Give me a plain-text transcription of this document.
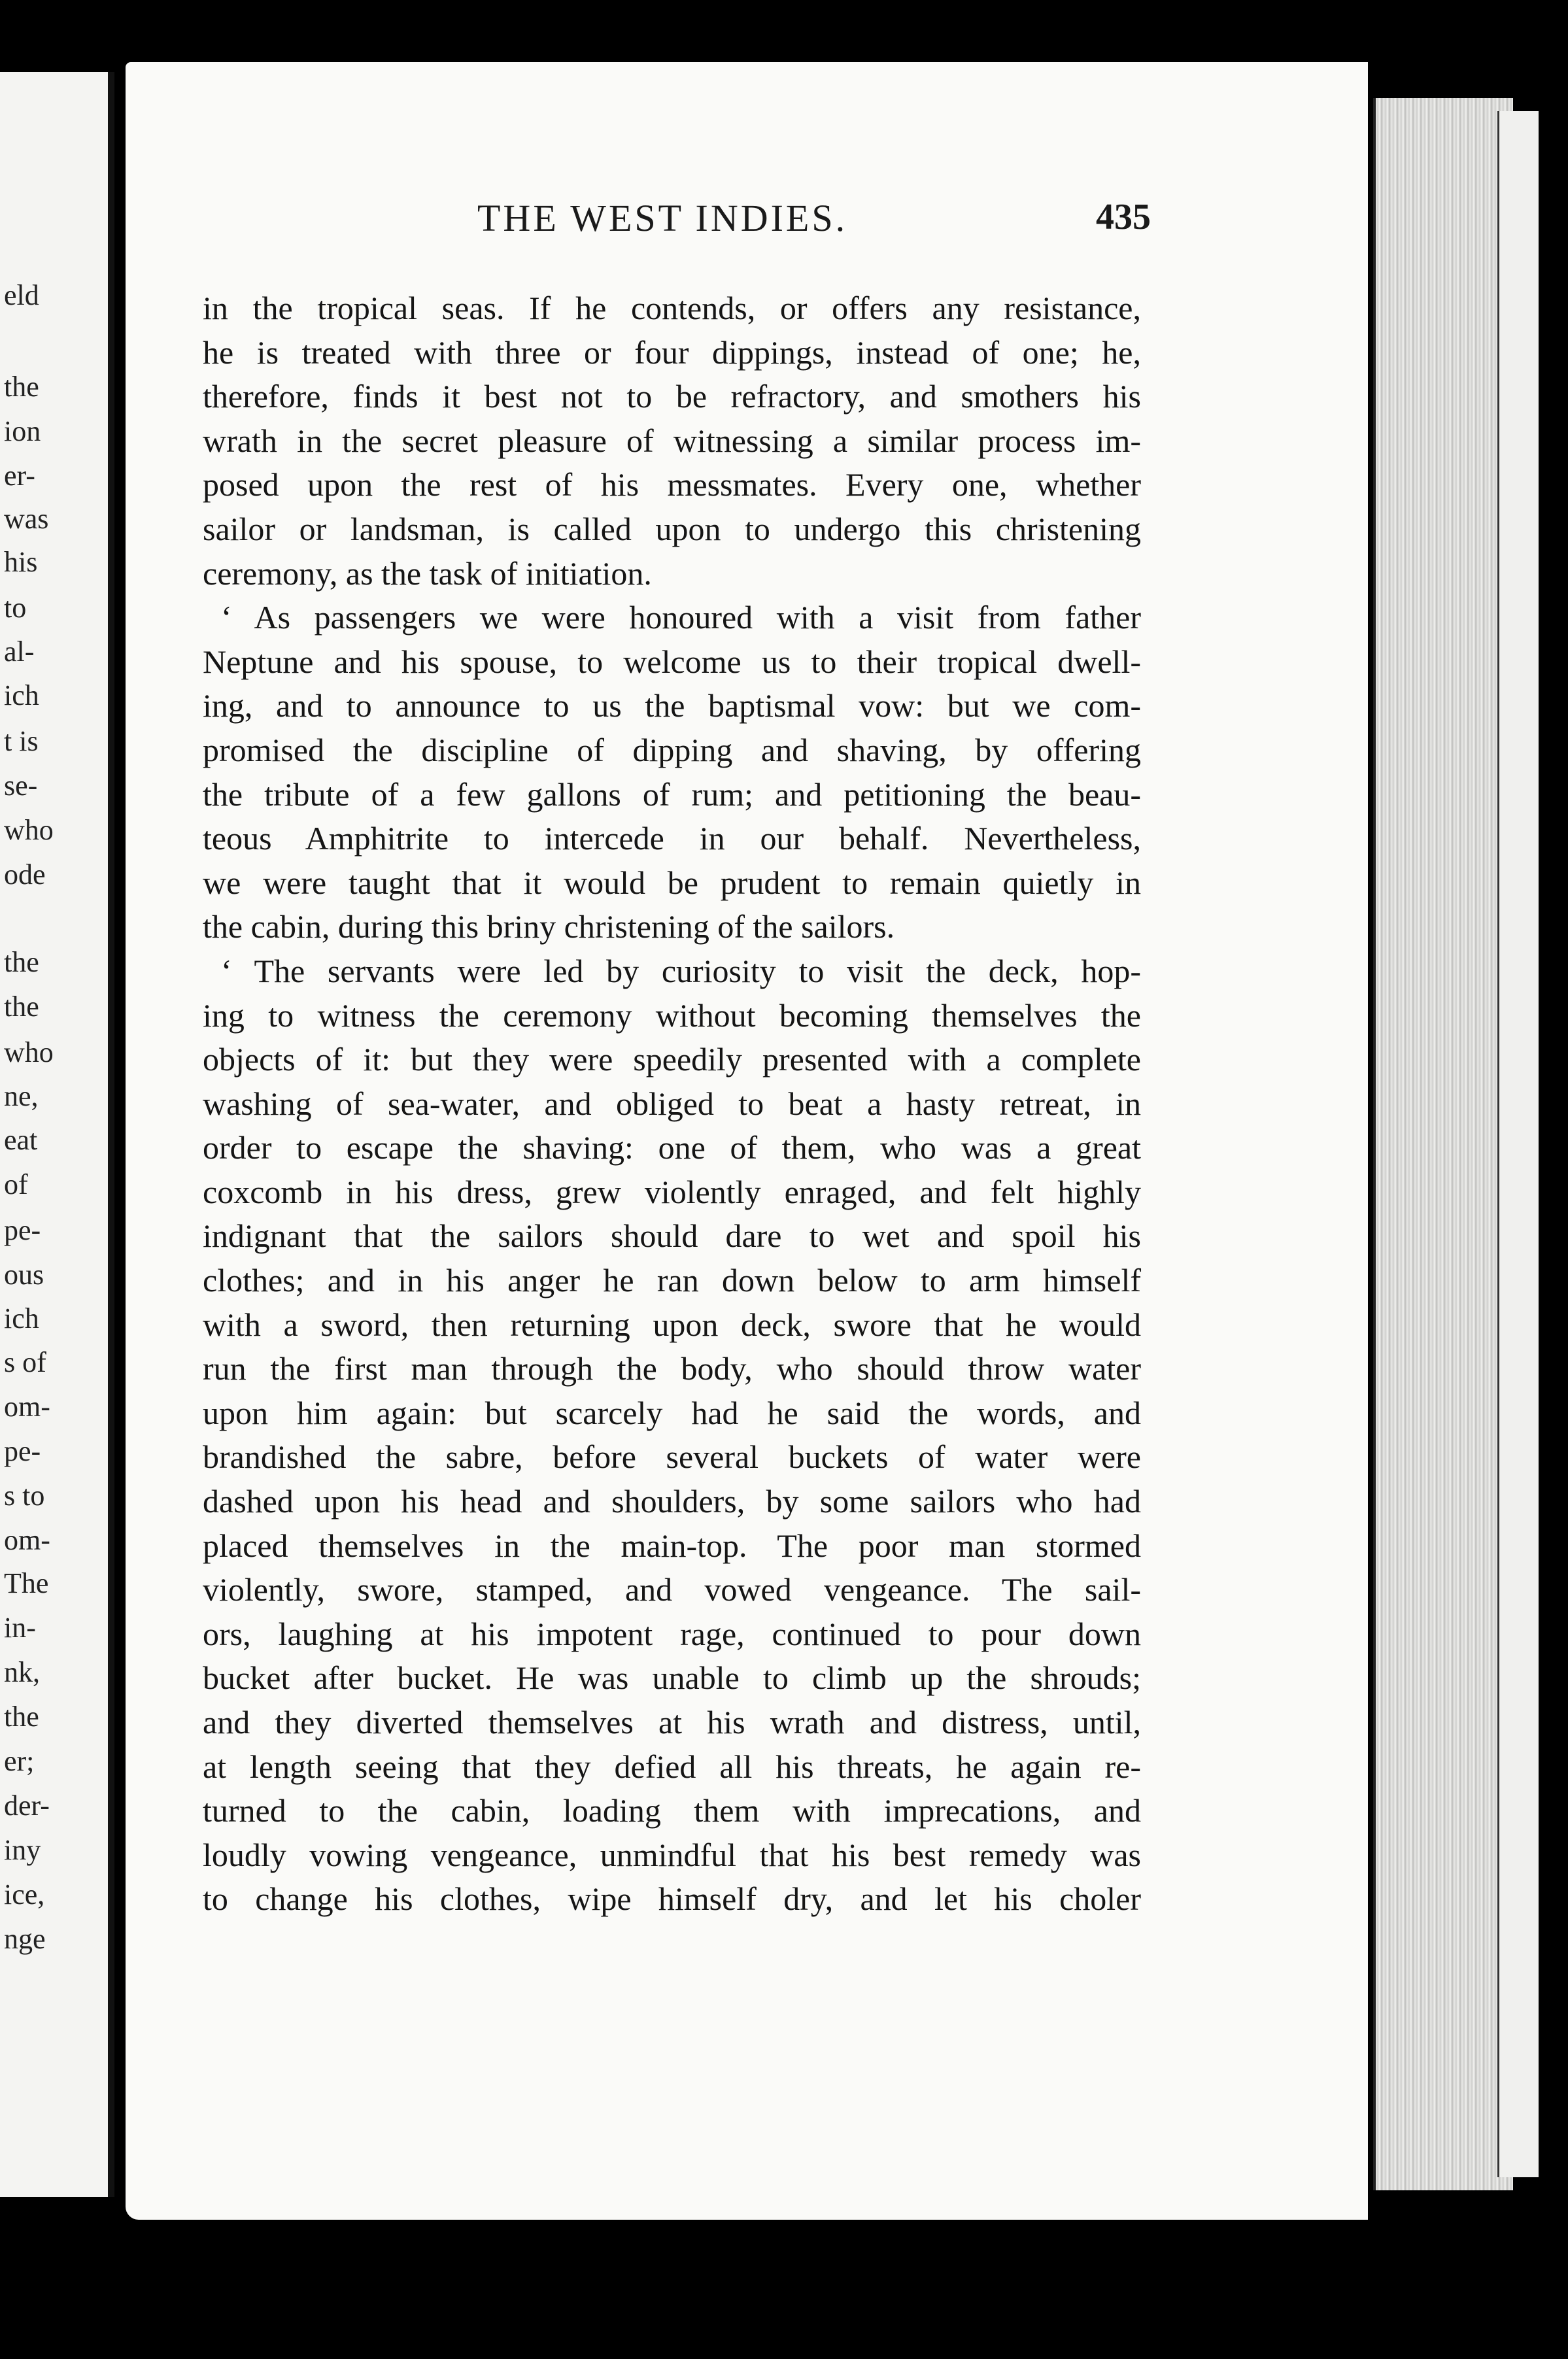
eld
the
ion
er-
was
his
to
al-
ich
t is
se-
who
ode
the
the
who
ne,
eat
of
pe-
ous
ich
s of
om-
pe-
s to
om-
The
in-
nk,
the
er;
der-
iny
ice,
nge
THE WEST INDIES.	435
in the tropical seas. If he contends, or offers any resistance,
he is treated with three or four dippings, instead of one; he,
therefore, finds it best not to be refractory, and smothers his
wrath in the secret pleasure of witnessing a similar process im-
posed upon the rest of his messmates. Every one, whether
sailor or landsman, is called upon to undergo this christening
ceremony, as the task of initiation.
‘ As passengers we were honoured with a visit from father
Neptune and his spouse, to welcome us to their tropical dwell-
ing, and to announce to us the baptismal vow: but we com-
promised the discipline of dipping and shaving, by offering
the tribute of a few gallons of rum; and petitioning the beau-
teous Amphitrite to intercede in our behalf. Nevertheless,
we were taught that it would be prudent to remain quietly in
the cabin, during this briny christening of the sailors.
‘ The servants were led by curiosity to visit the deck, hop-
ing to witness the ceremony without becoming themselves the
objects of it: but they were speedily presented with a complete
washing of sea-water, and obliged to beat a hasty retreat, in
order to escape the shaving: one of them, who was a great
coxcomb in his dress, grew violently enraged, and felt highly
indignant that the sailors should dare to wet and spoil his
clothes; and in his anger he ran down below to arm himself
with a sword, then returning upon deck, swore that he would
run the first man through the body, who should throw water
upon him again: but scarcely had he said the words, and
brandished the sabre, before several buckets of water were
dashed upon his head and shoulders, by some sailors who had
placed themselves in the main-top. The poor man stormed
violently, swore, stamped, and vowed vengeance. The sail-
ors, laughing at his impotent rage, continued to pour down
bucket after bucket. He was unable to climb up the shrouds;
and they diverted themselves at his wrath and distress, until,
at length seeing that they defied all his threats, he again re-
turned to the cabin, loading them with imprecations, and
loudly vowing vengeance, unmindful that his best remedy was
to change his clothes, wipe himself dry, and let his choler
